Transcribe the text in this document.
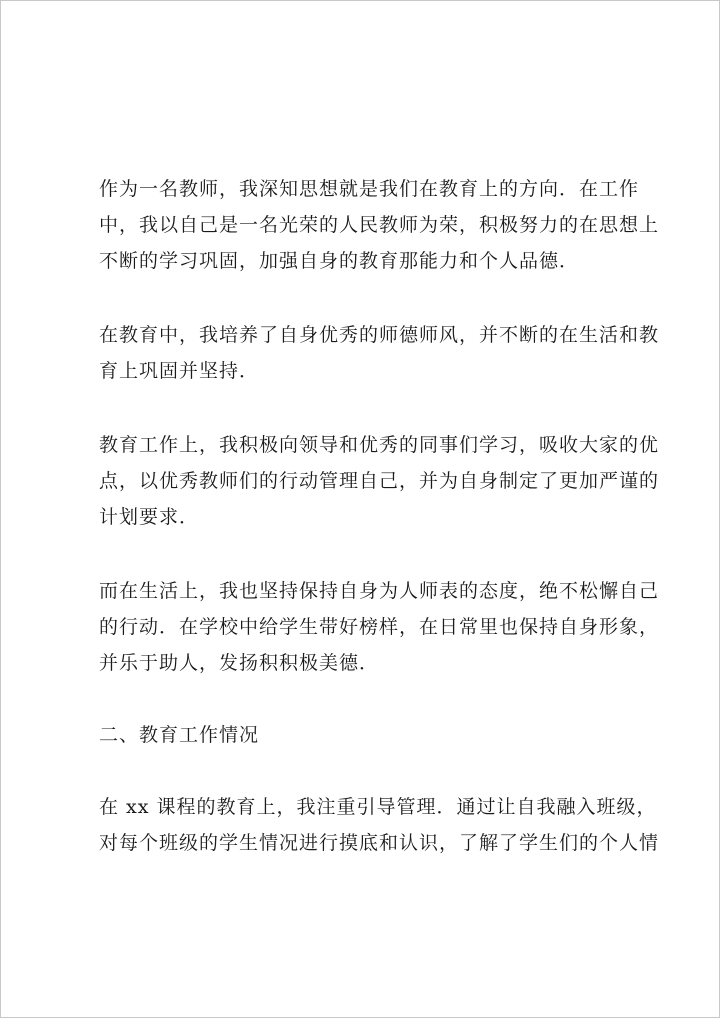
作为一名教师，我深知思想就是我们在教育上的方向．在工作
中，我以自己是一名光荣的人民教师为荣，积极努力的在思想上
不断的学习巩固，加强自身的教育那能力和个人品德．

在教育中，我培养了自身优秀的师德师风，并不断的在生活和教
育上巩固并坚持．

教育工作上，我积极向领导和优秀的同事们学习，吸收大家的优
点，以优秀教师们的行动管理自己，并为自身制定了更加严谨的
计划要求．

而在生活上，我也坚持保持自身为人师表的态度，绝不松懈自己
的行动．在学校中给学生带好榜样，在日常里也保持自身形象，
并乐于助人，发扬积积极美德．

二、教育工作情况

在 xx 课程的教育上，我注重引导管理．通过让自我融入班级，
对每个班级的学生情况进行摸底和认识，了解了学生们的个人情
